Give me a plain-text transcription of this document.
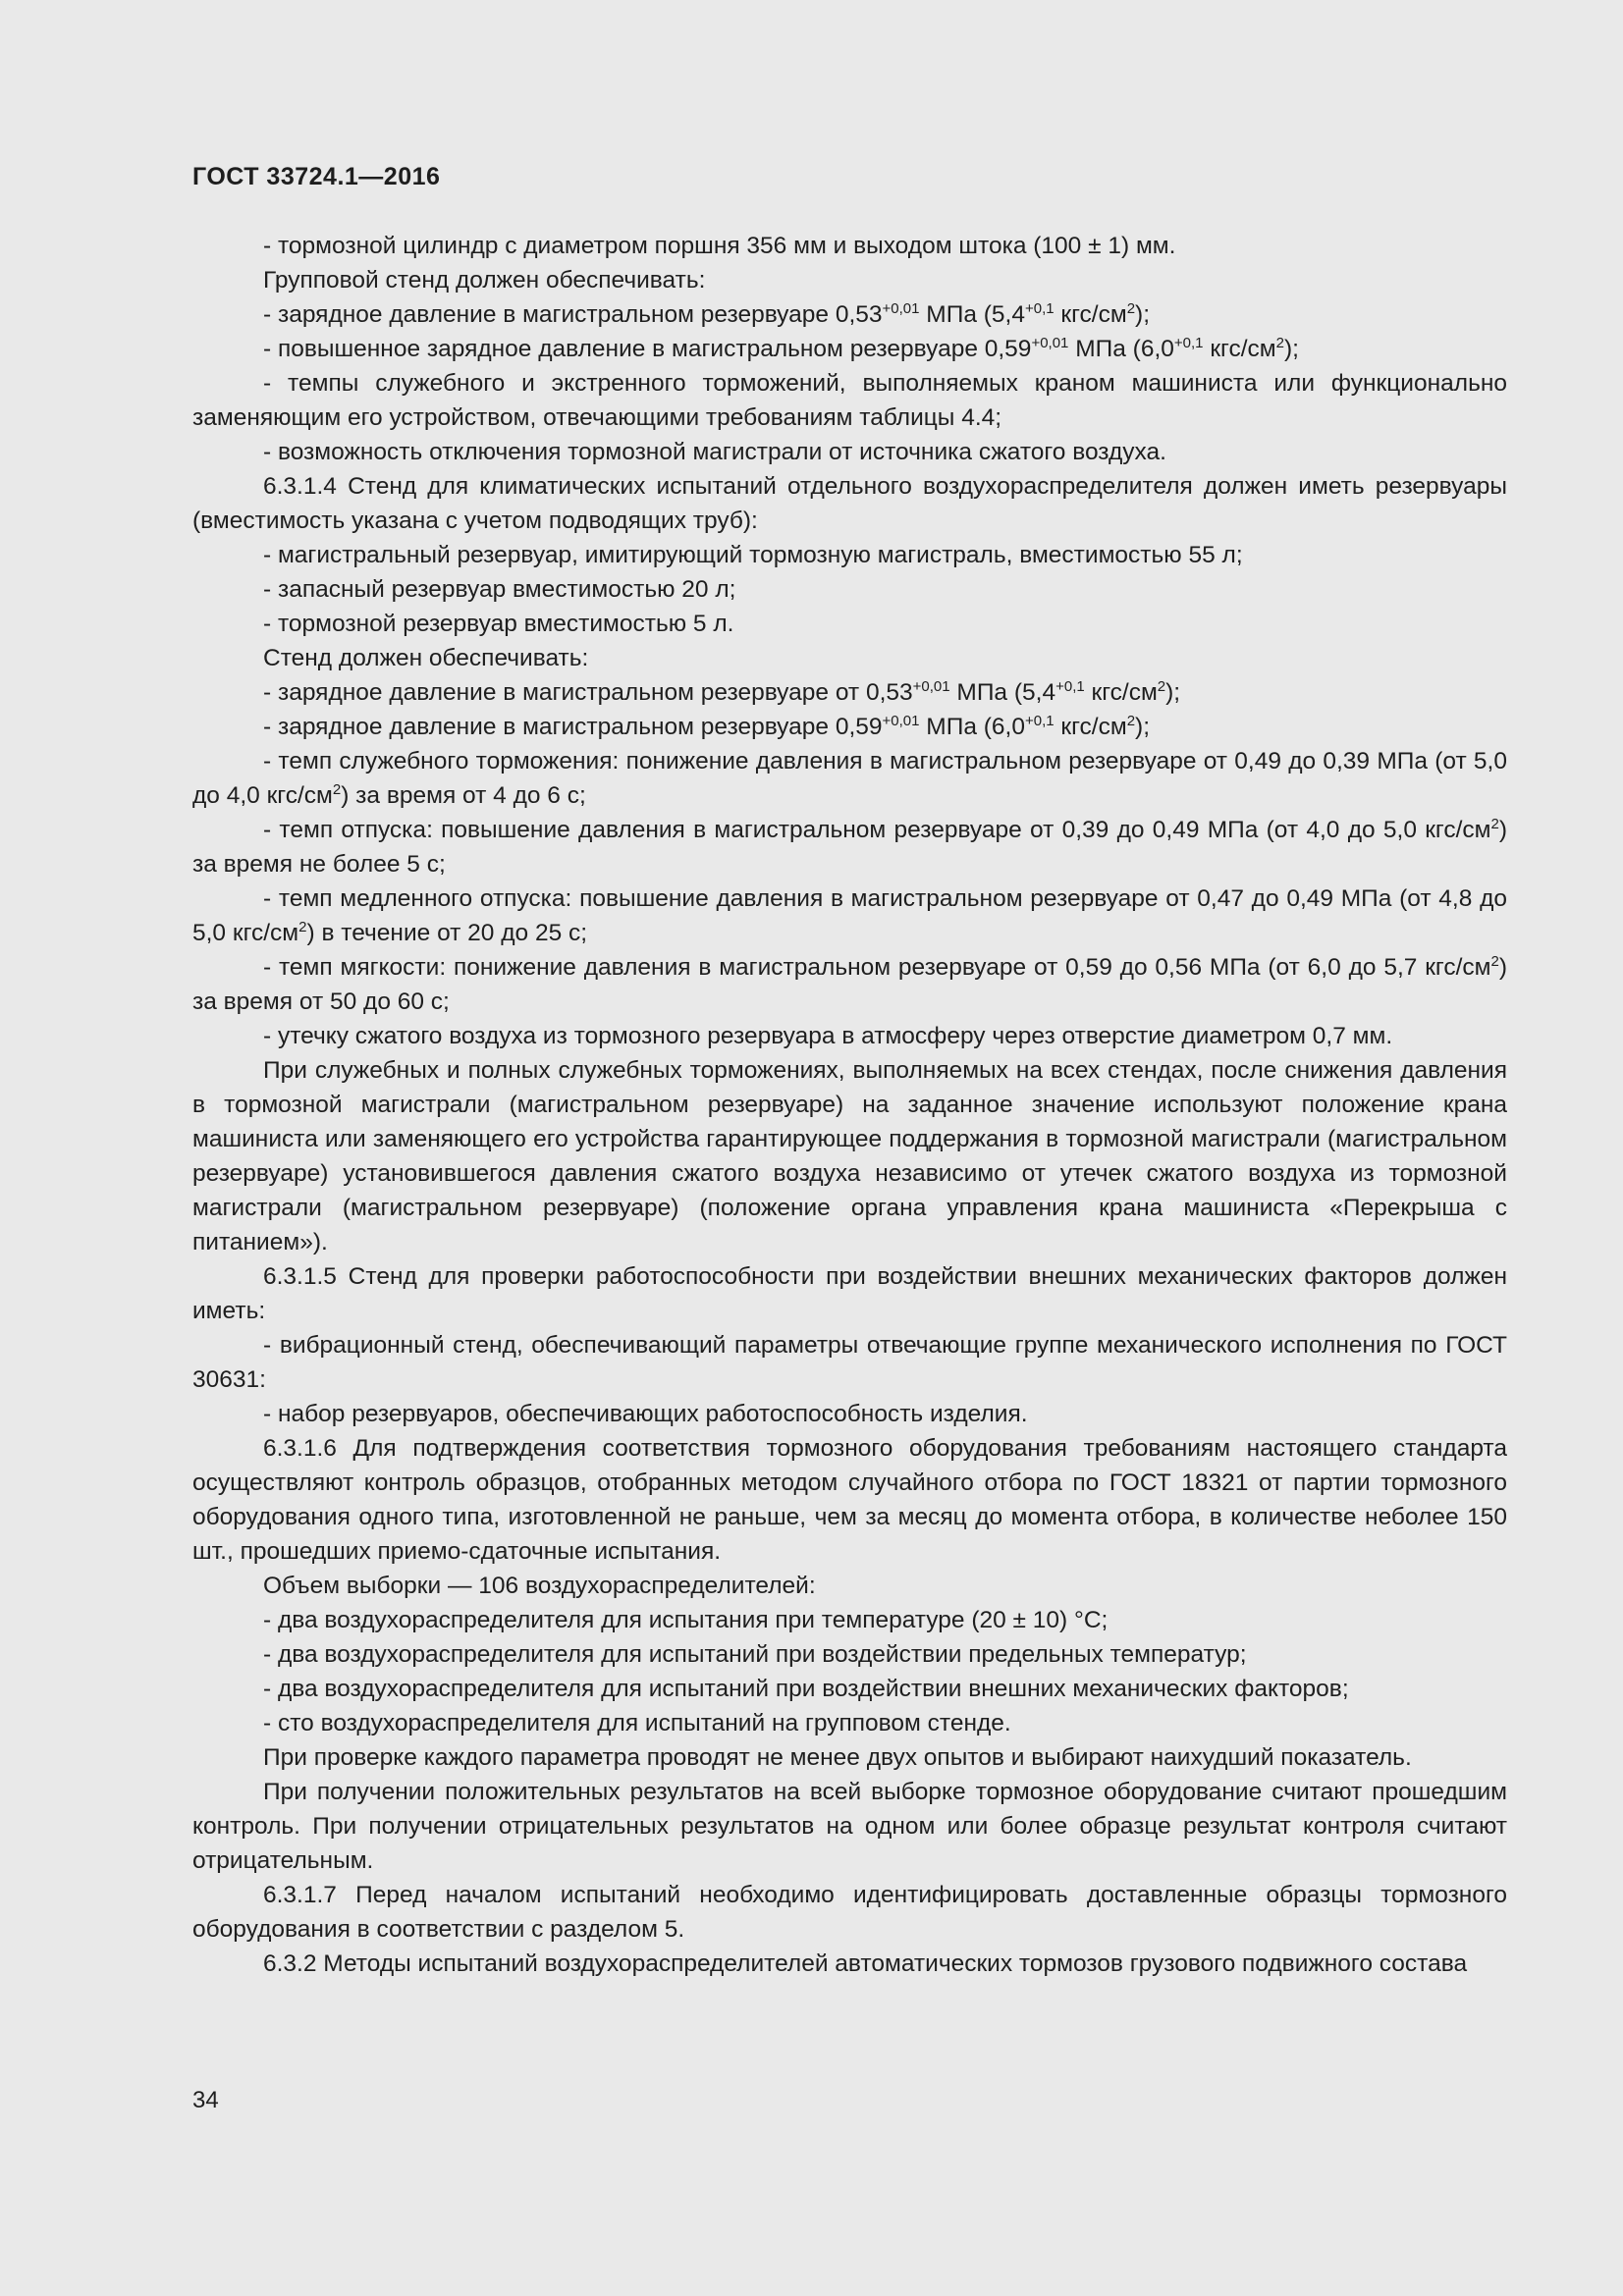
ГОСТ 33724.1—2016

- тормозной цилиндр с диаметром поршня 356 мм и выходом штока (100 ± 1) мм.

Групповой стенд должен обеспечивать:

- зарядное давление в магистральном резервуаре $0,53^{+0,01}$ МПа ($5,4^{+0,1}$ кгс/$см^2$);

- повышенное зарядное давление в магистральном резервуаре $0,59^{+0,01}$ МПа ($6,0^{+0,1}$ кгс/$см^2$);

- темпы служебного и экстренного торможений, выполняемых краном машиниста или функционально заменяющим его устройством, отвечающими требованиям таблицы 4.4;

- возможность отключения тормозной магистрали от источника сжатого воздуха.

6.3.1.4 Стенд для климатических испытаний отдельного воздухораспределителя должен иметь резервуары (вместимость указана с учетом подводящих труб):

- магистральный резервуар, имитирующий тормозную магистраль, вместимостью 55 л;

- запасный резервуар вместимостью 20 л;

- тормозной резервуар вместимостью 5 л.

Стенд должен обеспечивать:

- зарядное давление в магистральном резервуаре от $0,53^{+0,01}$ МПа ($5,4^{+0,1}$ кгс/$см^2$);

- зарядное давление в магистральном резервуаре $0,59^{+0,01}$ МПа ($6,0^{+0,1}$ кгс/$см^2$);

- темп служебного торможения: понижение давления в магистральном резервуаре от 0,49 до 0,39 МПа (от 5,0 до 4,0 кгс/$см^2$) за время от 4 до 6 с;

- темп отпуска: повышение давления в магистральном резервуаре от 0,39 до 0,49 МПа (от 4,0 до 5,0 кгс/$см^2$) за время не более 5 с;

- темп медленного отпуска: повышение давления в магистральном резервуаре от 0,47 до 0,49 МПа (от 4,8 до 5,0 кгс/$см^2$) в течение от 20 до 25 с;

- темп мягкости: понижение давления в магистральном резервуаре от 0,59 до 0,56 МПа (от 6,0 до 5,7 кгс/$см^2$) за время от 50 до 60 с;

- утечку сжатого воздуха из тормозного резервуара в атмосферу через отверстие диаметром 0,7 мм.

При служебных и полных служебных торможениях, выполняемых на всех стендах, после снижения давления в тормозной магистрали (магистральном резервуаре) на заданное значение используют положение крана машиниста или заменяющего его устройства гарантирующее поддержания в тормозной магистрали (магистральном резервуаре) установившегося давления сжатого воздуха независимо от утечек сжатого воздуха из тормозной магистрали (магистральном резервуаре) (положение органа управления крана машиниста «Перекрыша с питанием»).

6.3.1.5 Стенд для проверки работоспособности при воздействии внешних механических факторов должен иметь:

- вибрационный стенд, обеспечивающий параметры отвечающие группе механического исполнения по ГОСТ 30631:

- набор резервуаров, обеспечивающих работоспособность изделия.

6.3.1.6 Для подтверждения соответствия тормозного оборудования требованиям настоящего стандарта осуществляют контроль образцов, отобранных методом случайного отбора по ГОСТ 18321 от партии тормозного оборудования одного типа, изготовленной не раньше, чем за месяц до момента отбора, в количестве неболее 150 шт., прошедших приемо-сдаточные испытания.

Объем выборки — 106 воздухораспределителей:

- два воздухораспределителя для испытания при температуре (20 ± 10) °С;

- два воздухораспределителя для испытаний при воздействии предельных температур;

- два воздухораспределителя для испытаний при воздействии внешних механических факторов;

- сто воздухораспределителя для испытаний на групповом стенде.

При проверке каждого параметра проводят не менее двух опытов и выбирают наихудший показатель.

При получении положительных результатов на всей выборке тормозное оборудование считают прошедшим контроль. При получении отрицательных результатов на одном или более образце результат контроля считают отрицательным.

6.3.1.7 Перед началом испытаний необходимо идентифицировать доставленные образцы тормозного оборудования в соответствии с разделом 5.

6.3.2 Методы испытаний воздухораспределителей автоматических тормозов грузового подвижного состава

34
